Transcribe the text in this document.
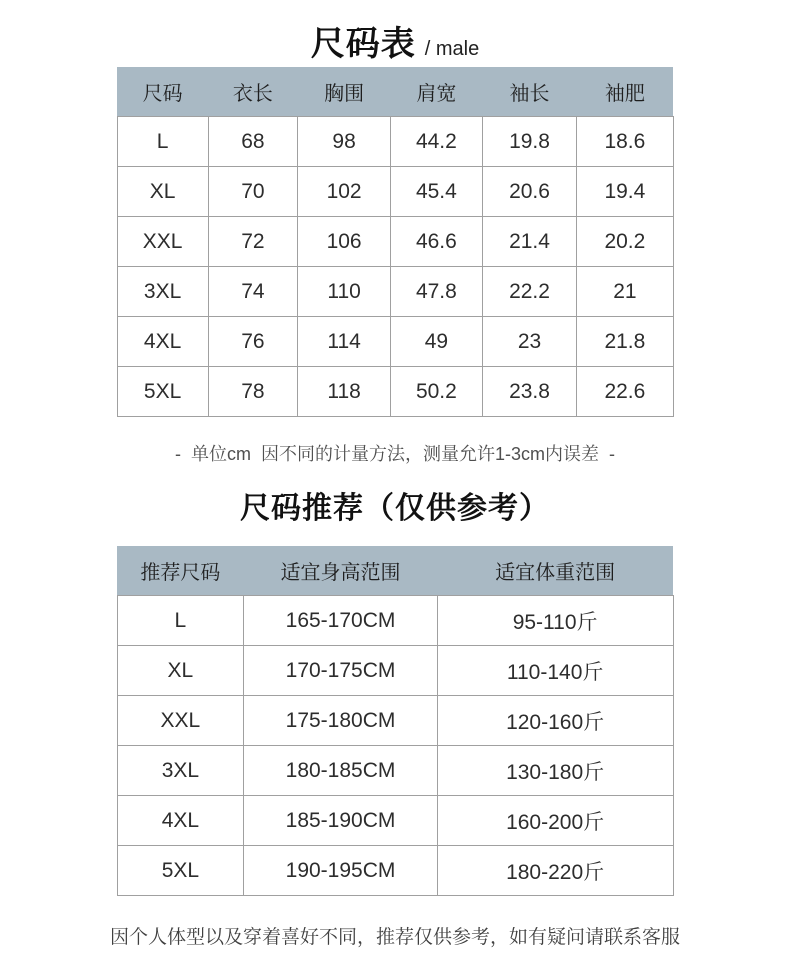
尺码表 / male
尺码	衣长	胸围	肩宽	袖长	袖肥
L	68	98	44.2	19.8	18.6
XL	70	102	45.4	20.6	19.4
XXL	72	106	46.6	21.4	20.2
3XL	74	110	47.8	22.2	21
4XL	76	114	49	23	21.8
5XL	78	118	50.2	23.8	22.6
-  单位cm  因不同的计量方法，测量允许1-3cm内误差  -
尺码推荐（仅供参考）
推荐尺码	适宜身高范围	适宜体重范围
L	165-170CM	95-110斤
XL	170-175CM	110-140斤
XXL	175-180CM	120-160斤
3XL	180-185CM	130-180斤
4XL	185-190CM	160-200斤
5XL	190-195CM	180-220斤
因个人体型以及穿着喜好不同，推荐仅供参考，如有疑问请联系客服
